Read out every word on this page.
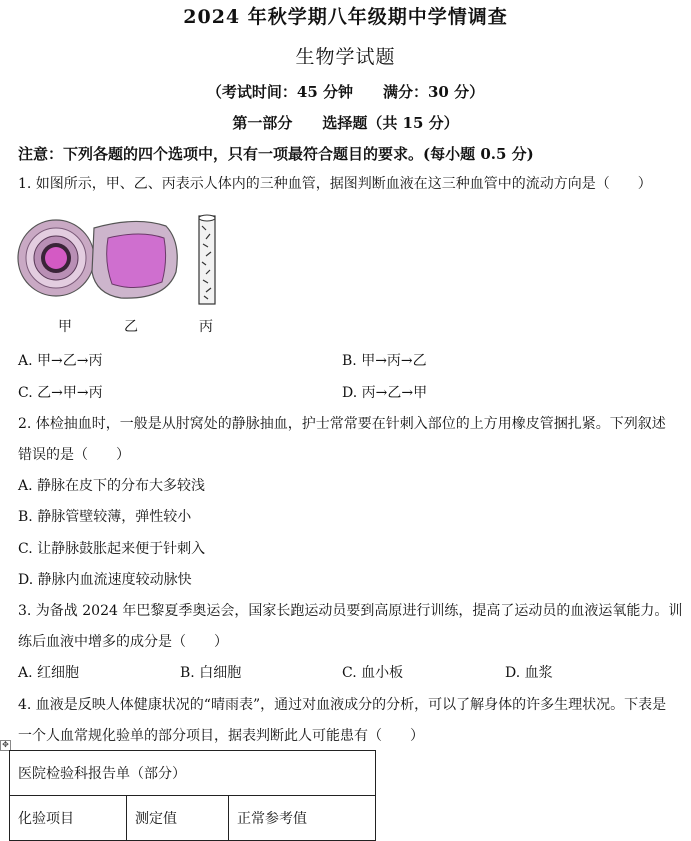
2024 年秋学期八年级期中学情调查
生物学试题
（考试时间：45 分钟　　满分：30 分）
第一部分　　选择题（共 15 分）
注意：下列各题的四个选项中，只有一项最符合题目的要求。(每小题 0.5 分)
1. 如图所示，甲、乙、丙表示人体内的三种血管，据图判断血液在这三种血管中的流动方向是（　　）
甲	乙	丙
A. 甲→乙→丙	B. 甲→丙→乙
C. 乙→甲→丙	D. 丙→乙→甲
2. 体检抽血时，一般是从肘窝处的静脉抽血，护士常常要在针刺入部位的上方用橡皮管捆扎紧。下列叙述
错误的是（　　）
A. 静脉在皮下的分布大多较浅
B. 静脉管壁较薄，弹性较小
C. 让静脉鼓胀起来便于针刺入
D. 静脉内血流速度较动脉快
3. 为备战 2024 年巴黎夏季奥运会，国家长跑运动员要到高原进行训练，提高了运动员的血液运氧能力。训
练后血液中增多的成分是（　　）
A. 红细胞	B. 白细胞	C. 血小板	D. 血浆
4. 血液是反映人体健康状况的“晴雨表”，通过对血液成分的分析，可以了解身体的许多生理状况。下表是
一个人血常规化验单的部分项目，据表判断此人可能患有（　　）
✥
医院检验科报告单（部分）
化验项目	测定值	正常参考值
